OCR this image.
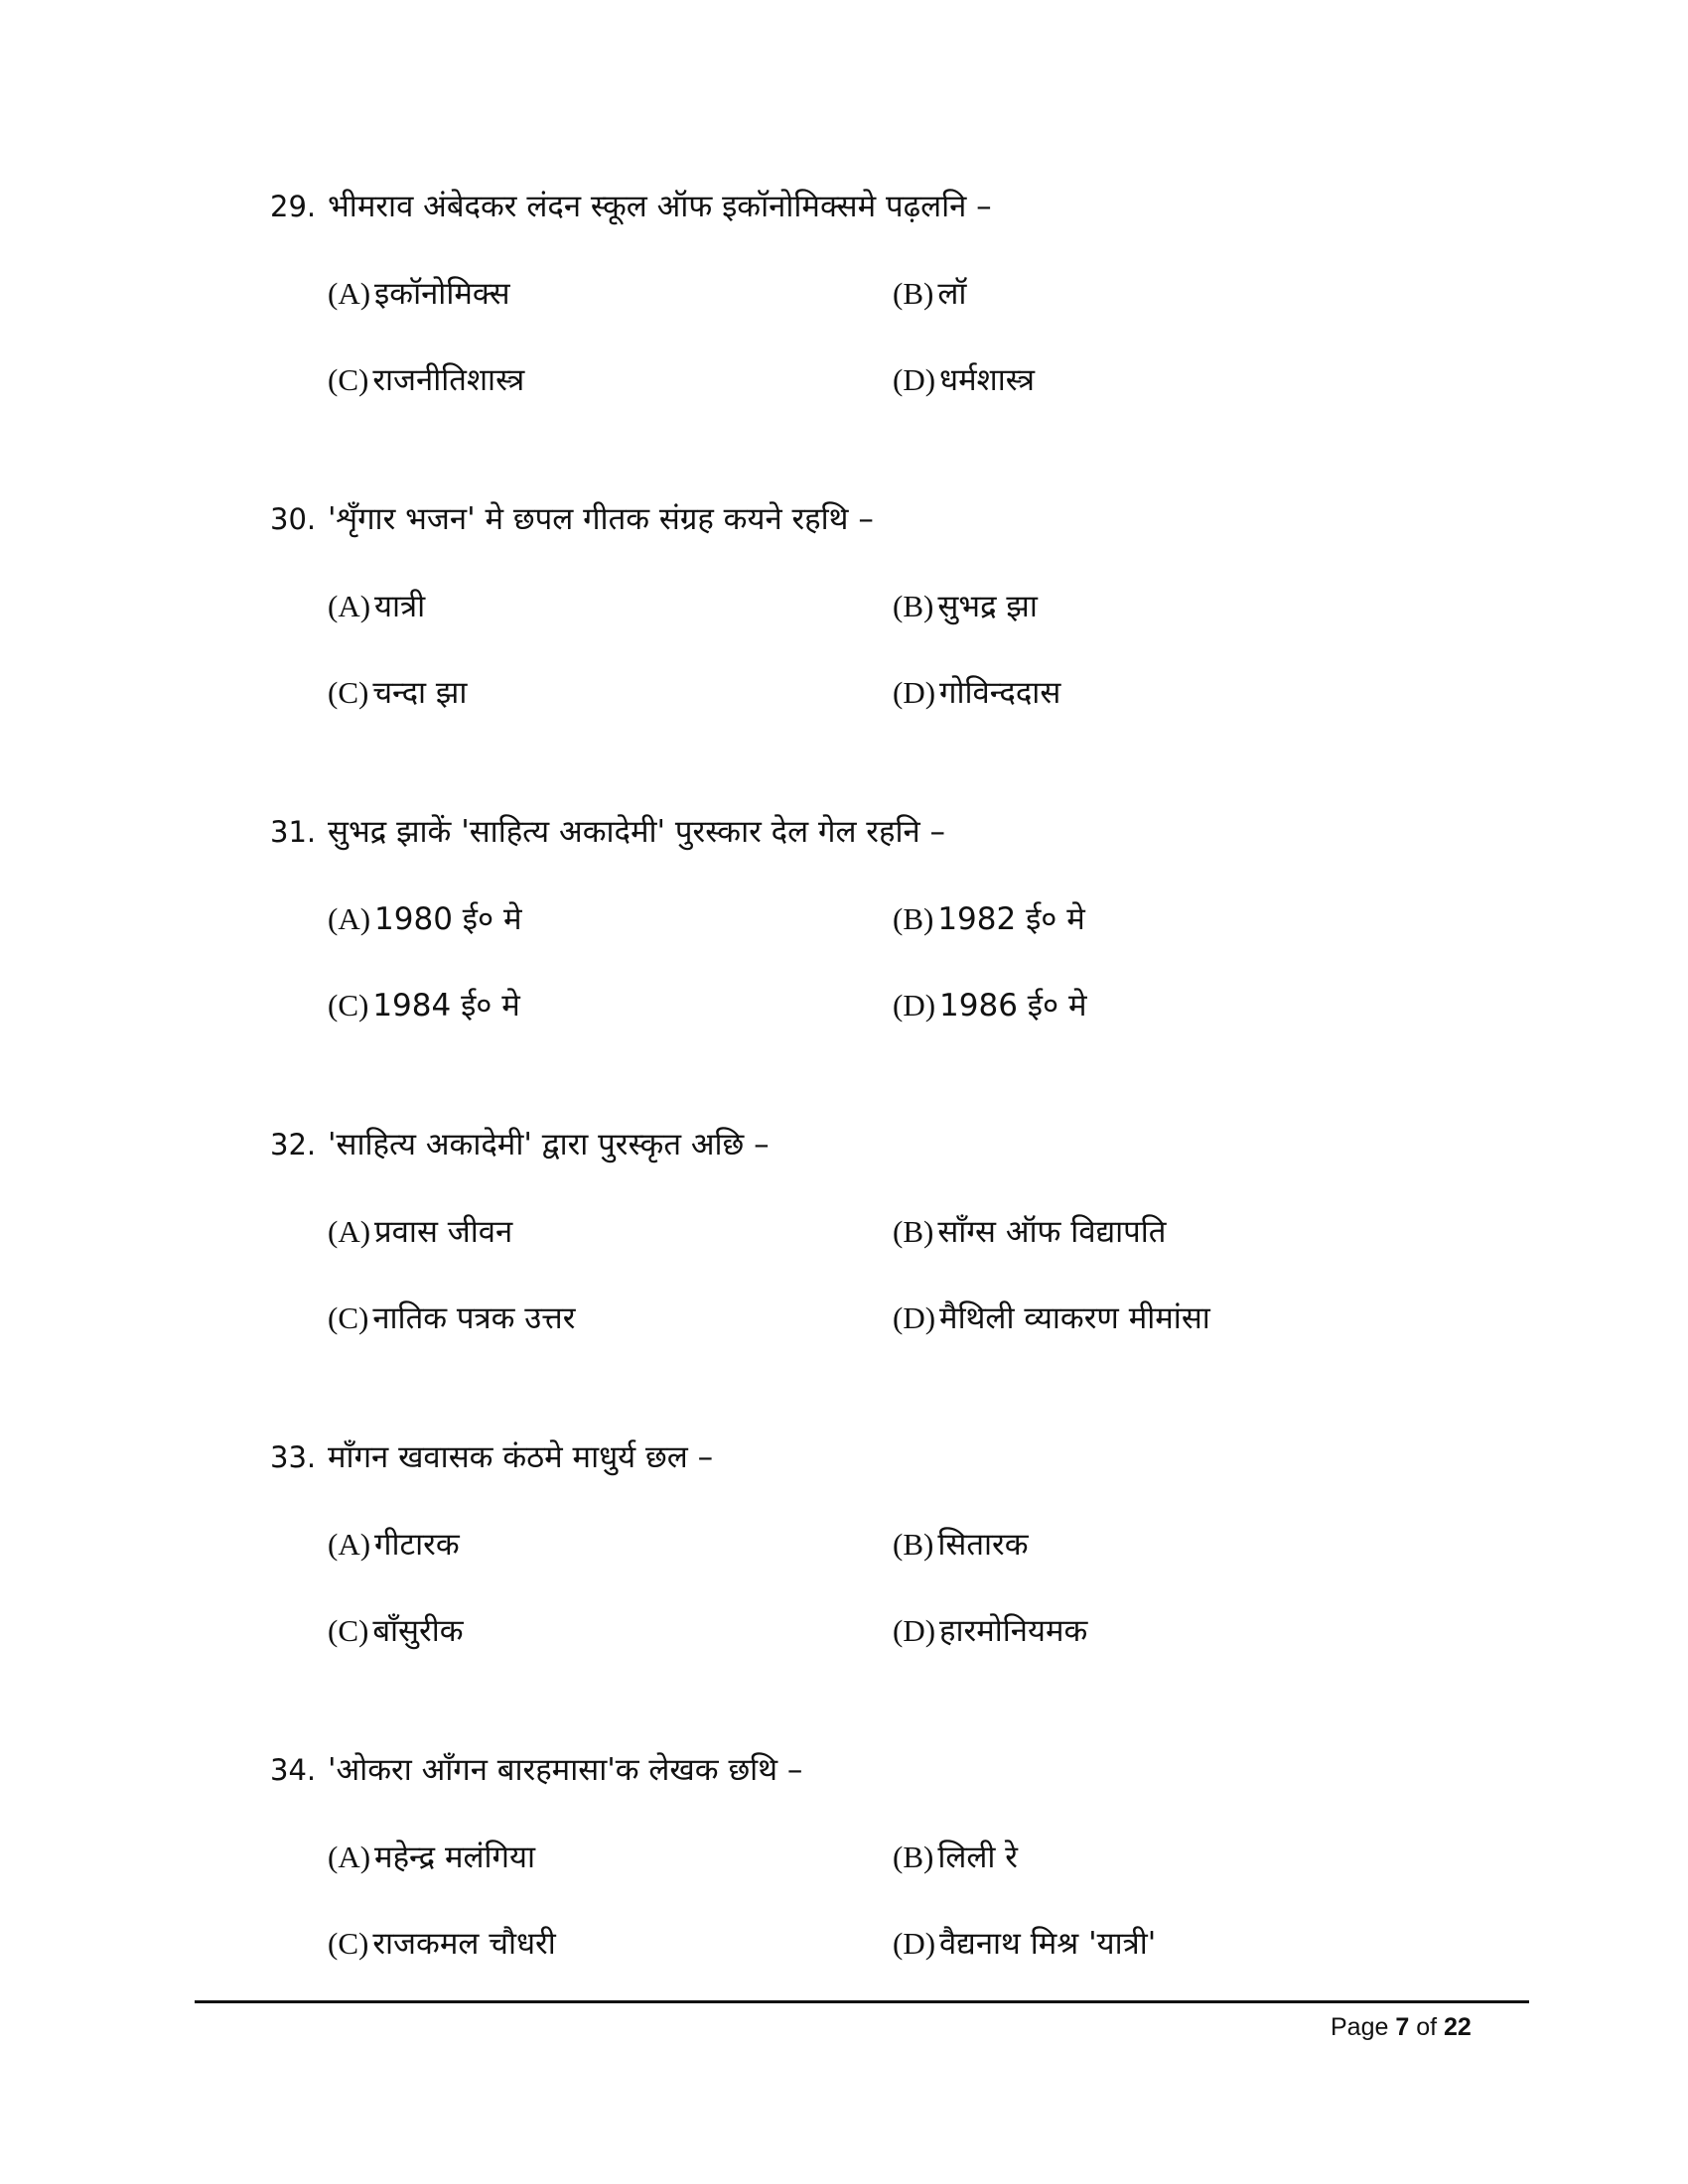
29. भीमराव अंबेदकर लंदन स्कूल ऑफ इकॉनोमिक्समे पढ़लनि –
(A) इकॉनोमिक्स	(B) लॉ
(C) राजनीतिशास्त्र	(D) धर्मशास्त्र
30. 'शृँगार भजन' मे छपल गीतक संग्रह कयने रहथि –
(A) यात्री	(B) सुभद्र झा
(C) चन्दा झा	(D) गोविन्ददास
31. सुभद्र झाकें 'साहित्य अकादेमी' पुरस्कार देल गेल रहनि –
(A) 1980 ई० मे	(B) 1982 ई० मे
(C) 1984 ई० मे	(D) 1986 ई० मे
32. 'साहित्य अकादेमी' द्वारा पुरस्कृत अछि –
(A) प्रवास जीवन	(B) सॉंग्स ऑफ विद्यापति
(C) नातिक पत्रक उत्तर	(D) मैथिली व्याकरण मीमांसा
33. माँगन खवासक कंठमे माधुर्य छल –
(A) गीटारक	(B) सितारक
(C) बाँसुरीक	(D) हारमोनियमक
34. 'ओकरा आँगन बारहमासा'क लेखक छथि –
(A) महेन्द्र मलंगिया	(B) लिली रे
(C) राजकमल चौधरी	(D) वैद्यनाथ मिश्र 'यात्री'
Page 7 of 22
